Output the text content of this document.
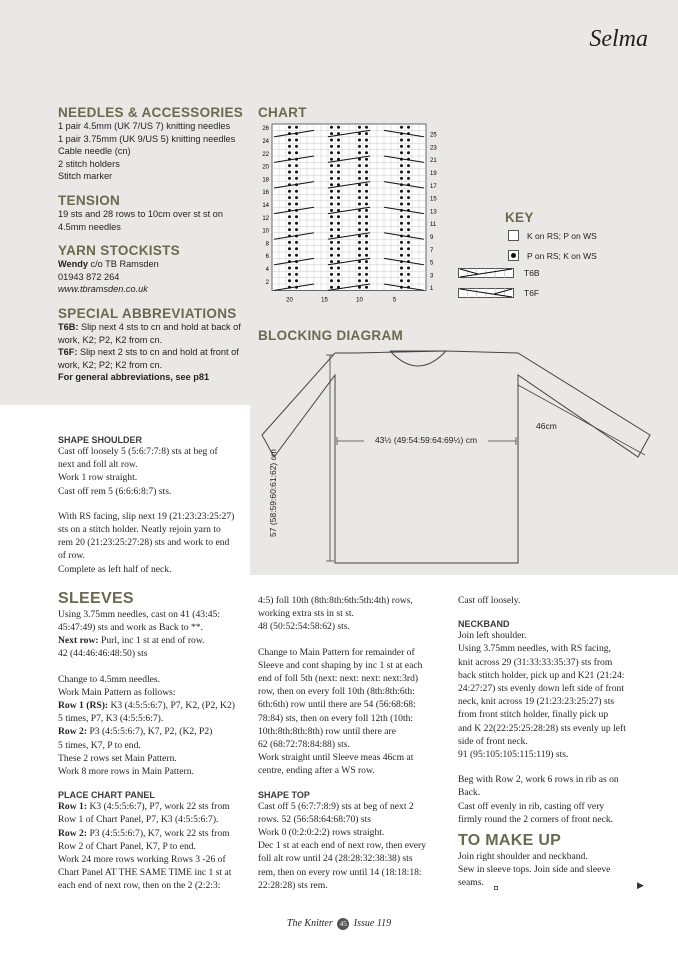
Selma

NEEDLES & ACCESSORIES

1 pair 4.5mm (UK 7/US 7) knitting needles

1 pair 3.75mm (UK 9/US 5) knitting needles

Cable needle (cn)

2 stitch holders

Stitch marker

TENSION

19 sts and 28 rows to 10cm over st st on

4.5mm needles

YARN STOCKISTS

Wendy c/o TB Ramsden

01943 872 264

www.tbramsden.co.uk

SPECIAL ABBREVIATIONS

T6B: Slip next 4 sts to cn and hold at back of

work, K2; P2, K2 from cn.

T6F: Slip next 2 sts to cn and hold at front of

work, K2; P2; K2 from cn.

For general abbreviations, see p81

CHART

26
24
22
20
18
16
14
12
10
8
6
4
2
25
23
21
19
17
15
13
11
9
7
5
3
1
20	15	10	5

KEY

K on RS; P on WS
P on RS; K on WS
T6B
T6F

BLOCKING DIAGRAM

43½ (49:54:59:64:69½) cm
57 (58:59:60:61:62) cm
46cm

SHAPE SHOULDER

Cast off loosely 5 (5:6:7:7:8) sts at beg of

next and foll alt row.

Work 1 row straight.

Cast off rem 5 (6:6:6:8:7) sts.

With RS facing, slip next 19 (21:23:23:25:27)

sts on a stitch holder. Neatly rejoin yarn to

rem 20 (21:23:25:27:28) sts and work to end

of row.

Complete as left half of neck.

SLEEVES

Using 3.75mm needles, cast on 41 (43:45:

45:47:49) sts and work as Back to **.

Next row: Purl, inc 1 st at end of row.

42 (44:46:46:48:50) sts

Change to 4.5mm needles.

Work Main Pattern as follows:

Row 1 (RS): K3 (4:5:5:6:7), P7, K2, (P2, K2)

5 times, P7, K3 (4:5:5:6:7).

Row 2: P3 (4:5:5:6:7), K7, P2, (K2, P2)

5 times, K7, P to end.

These 2 rows set Main Pattern.

Work 8 more rows in Main Pattern.

PLACE CHART PANEL

Row 1: K3 (4:5:5:6:7), P7, work 22 sts from

Row 1 of Chart Panel, P7, K3 (4:5:5:6:7).

Row 2: P3 (4:5:5:6:7), K7, work 22 sts from

Row 2 of Chart Panel, K7, P to end.

Work 24 more rows working Rows 3 -26 of

Chart Panel AT THE SAME TIME inc 1 st at

each end of next row, then on the 2 (2:2:3:

4:5) foll 10th (8th:8th:6th:5th:4th) rows,

working extra sts in st st.

48 (50:52:54:58:62) sts.

Change to Main Pattern for remainder of

Sleeve and cont shaping by inc 1 st at each

end of foll 5th (next: next: next: next:3rd)

row, then on every foll 10th (8th:8th:6th:

6th:6th) row until there are 54 (56:68:68:

78:84) sts, then on every foll 12th (10th:

10th:8th:8th:8th) row until there are

62 (68:72:78:84:88) sts.

Work straight until Sleeve meas 46cm at

centre, ending after a WS row.

SHAPE TOP

Cast off 5 (6:7:7:8:9) sts at beg of next 2

rows. 52 (56:58:64:68:70) sts

Work 0 (0:2:0:2:2) rows straight.

Dec 1 st at each end of next row, then every

foll alt row until 24 (28:28:32:38:38) sts

rem, then on every row until 14 (18:18:18:

22:28:28) sts rem.

Cast off loosely.

NECKBAND

Join left shoulder.

Using 3.75mm needles, with RS facing,

knit across 29 (31:33:33:35:37) sts from

back stitch holder, pick up and K21 (21:24:

24:27:27) sts evenly down left side of front

neck, knit across 19 (21:23:23:25:27) sts

from front stitch holder, finally pick up

and K 22(22:25:25:28:28) sts evenly up left

side of front neck.

91 (95:105:105:115:119) sts.

Beg with Row 2, work 6 rows in rib as on

Back.

Cast off evenly in rib, casting off very

firmly round the 2 corners of front neck.

TO MAKE UP

Join right shoulder and neckband.

Sew in sleeve tops. Join side and sleeve

seams.

◘	▶
The Knitter 45 Issue 119
